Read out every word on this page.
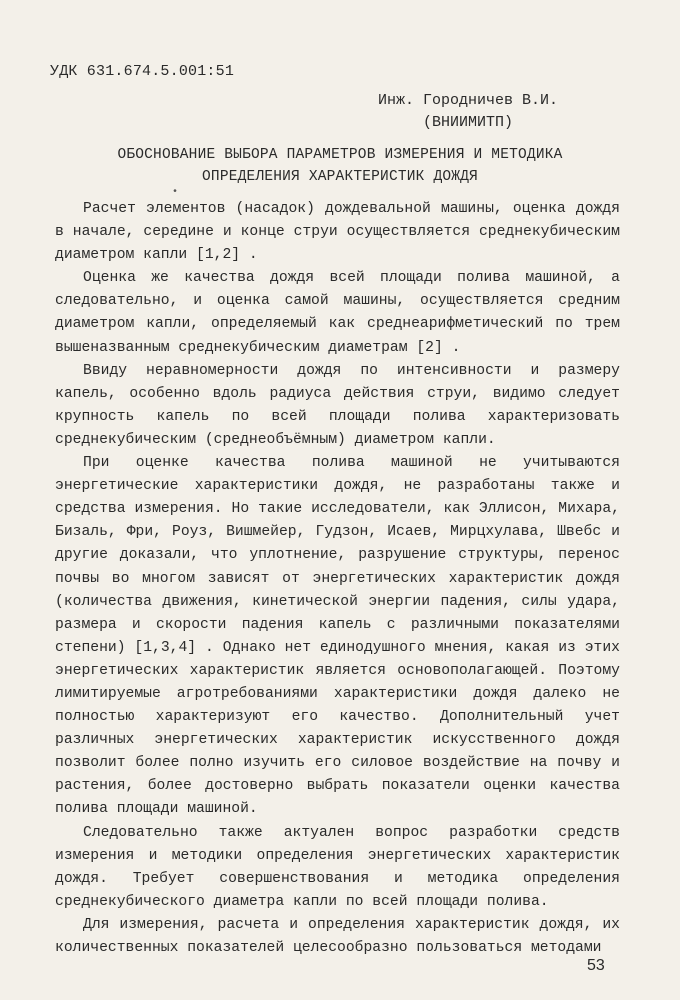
УДК 631.674.5.001:51
Инж. Городничев В.И.
(ВНИИМИТП)
ОБОСНОВАНИЕ ВЫБОРА ПАРАМЕТРОВ ИЗМЕРЕНИЯ И МЕТОДИКА
ОПРЕДЕЛЕНИЯ ХАРАКТЕРИСТИК ДОЖДЯ
•

Расчет элементов (насадок) дождевальной машины, оценка дождя в начале, середине и конце струи осуществляется среднекубическим диаметром капли [1,2] .

Оценка же качества дождя всей площади полива машиной, а следовательно, и оценка самой машины, осуществляется средним диаметром капли, определяемый как среднеарифметический по трем вышеназванным среднекубическим диаметрам [2] .

Ввиду неравномерности дождя по интенсивности и размеру капель, особенно вдоль радиуса действия струи, видимо следует крупность капель по всей площади полива характеризовать среднекубическим (среднеобъёмным) диаметром капли.

При оценке качества полива машиной не учитываются энергетические характеристики дождя, не разработаны также и средства измерения. Но такие исследователи, как Эллисон, Михара, Бизаль, Фри, Роуз, Вишмейер, Гудзон, Исаев, Мирцхулава, Швебс и другие доказали, что уплотнение, разрушение структуры, перенос почвы во многом зависят от энергетических характеристик дождя (количества движения, кинетической энергии падения, силы удара, размера и скорости падения капель с различными показателями степени) [1,3,4] . Однако нет единодушного мнения, какая из этих энергетических характеристик является основополагающей. Поэтому лимитируемые агротребованиями характеристики дождя далеко не полностью характеризуют его качество. Дополнительный учет различных энергетических характеристик искусственного дождя позволит более полно изучить его силовое воздействие на почву и растения, более достоверно выбрать показатели оценки качества полива площади машиной.

Следовательно также актуален вопрос разработки средств измерения и методики определения энергетических характеристик дождя. Требует совершенствования и методика определения среднекубического диаметра капли по всей площади полива.

Для измерения, расчета и определения характеристик дождя, их количественных показателей целесообразно пользоваться методами

53
